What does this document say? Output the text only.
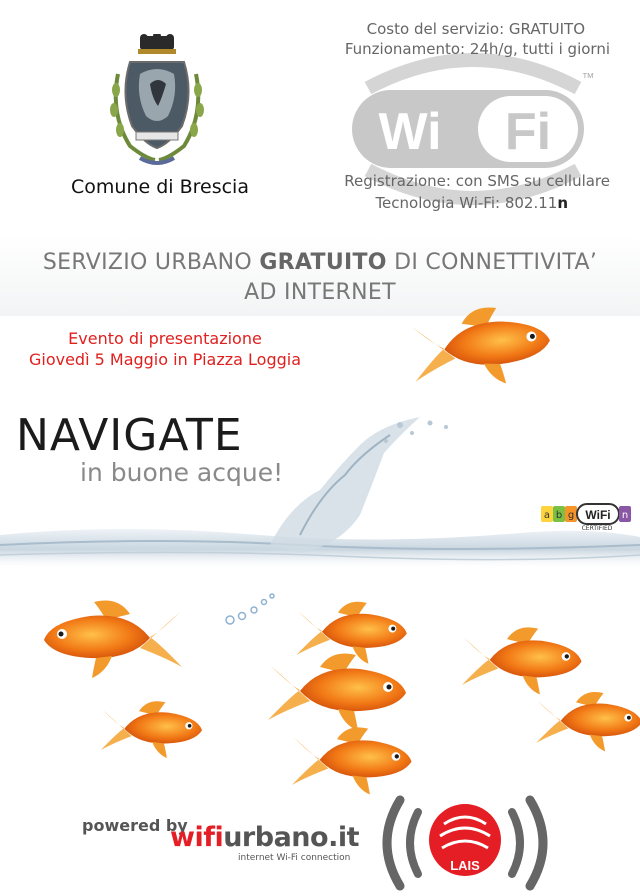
Comune di Brescia
Wi Fi
™
Costo del servizio: GRATUITO
Funzionamento: 24h/g, tutti i giorni
Registrazione: con SMS su cellulare
Tecnologia Wi-Fi: 802.11n
SERVIZIO URBANO GRATUITO DI CONNETTIVITA’
AD INTERNET
Evento di presentazione
Giovedì 5 Maggio in Piazza Loggia
NAVIGATE
in buone acque!
a b g WiFi n
CERTIFIED
powered by
wifiurbano.it
internet Wi-Fi connection	LAIS
